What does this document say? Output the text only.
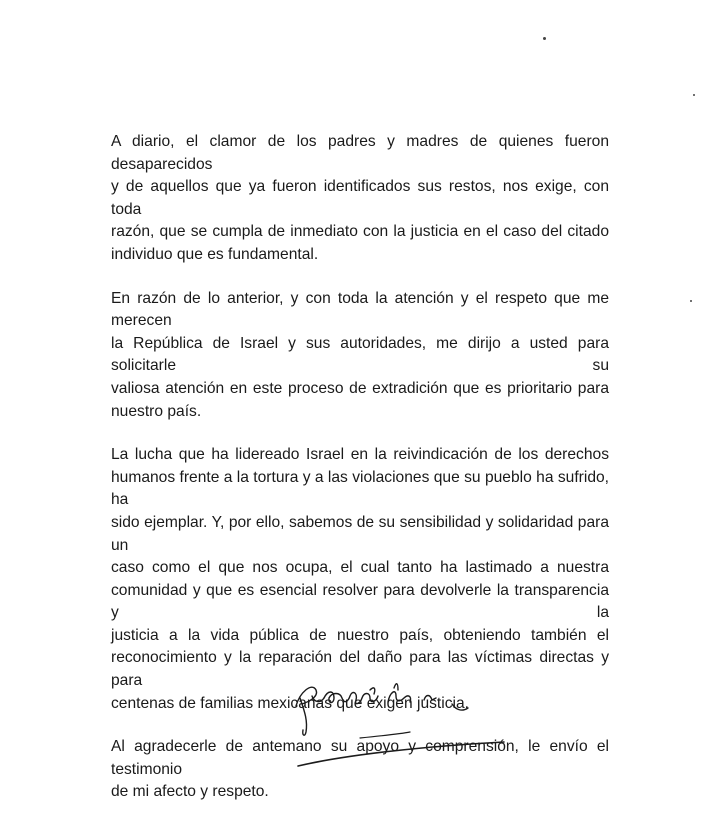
A diario, el clamor de los padres y madres de quienes fueron desaparecidos
y de aquellos que ya fueron identificados sus restos, nos exige, con toda
razón, que se cumpla de inmediato con la justicia en el caso del citado
individuo que es fundamental.

En razón de lo anterior, y con toda la atención y el respeto que me merecen
la República de Israel y sus autoridades, me dirijo a usted para solicitarle su
valiosa atención en este proceso de extradición que es prioritario para
nuestro país.

La lucha que ha lidereado Israel en la reivindicación de los derechos
humanos frente a la tortura y a las violaciones que su pueblo ha sufrido, ha
sido ejemplar. Y, por ello, sabemos de su sensibilidad y solidaridad para un
caso como el que nos ocupa, el cual tanto ha lastimado a nuestra
comunidad y que es esencial resolver para devolverle la transparencia y la
justicia a la vida pública de nuestro país, obteniendo también el
reconocimiento y la reparación del daño para las víctimas directas y para
centenas de familias mexicanas que exigen justicia.

Al agradecerle de antemano su apoyo y comprensión, le envío el testimonio
de mi afecto y respeto.
